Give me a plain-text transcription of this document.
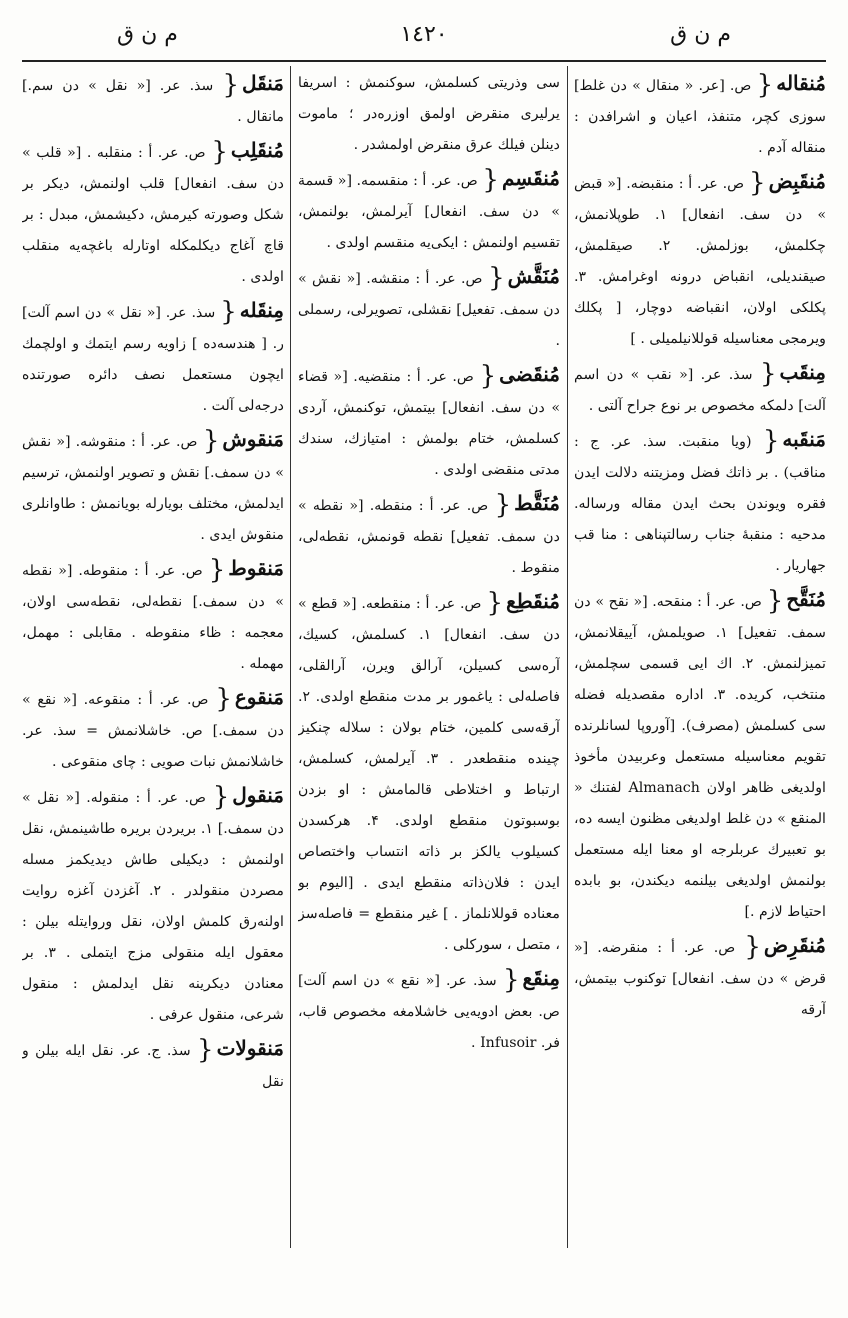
م ن ق	١٤٢٠	م ن ق

مُنقاله{ ص. [عر. « منقال » دن غلط] سوزی کچر، متنفذ، اعیان و اشرافدن : منقاله آدم .

مُنقَبِض{ ص. عر. أ : منقبضه. [« قبض » دن سف. انفعال] ۱. طوپلانمش، چکلمش، بوزلمش. ۲. صیقلمش، صیقندیلی، انقباض درونه اوغرامش. ۳. پکلکی اولان، انقباضه دوچار، [ پکلك ویرمجی معناسیله قوللانیلمیلی . ]

مِنقَب{ سذ. عر. [« نقب » دن اسم آلت] دلمکه مخصوص بر نوع جراح آلتی .

مَنقَبه{ (ویا منقبت. سذ. عر. ج : مناقب) . بر ذاتك فضل ومزیتنه دلالت ایدن فقره ویوندن بحث ایدن مقاله ورساله. مدحیه : منقبهٔ جناب رسالتپناهی : منا قب جهاریار .

مُنَقَّح{ ص. عر. أ : منقحه. [« نقح » دن سمف. تفعیل] ۱. صویلمش، آییقلانمش، تمیزلنمش. ۲. اك ایی قسمی سچلمش، منتخب، کریده. ۳. اداره مقصدیله فضله سی کسلمش (مصرف). [آوروپا لسانلرنده تقویم معناسیله مستعمل وعربیدن مأخوذ اولدیغی ظاهر اولان Almanach لفتنك « المنقع » دن غلط اولدیغی مظنون ایسه ده، بو تعبیرك عربلرجه او معنا ایله مستعمل بولنمش اولدیغی بیلنمه دیکندن، بو بابده احتیاط لازم .]

مُنقَرِض{ ص. عر. أ : منقرضه. [« قرض » دن سف. انفعال] توکنوب بیتمش، آرقه

سی وذریتی کسلمش، سوکنمش : اسریفا یرلیری منقرض اولمق اوزره‌در ؛ ماموت دینلن فیلك عرق منقرض اولمشدر .

مُنقَسِم{ ص. عر. أ : منقسمه. [« قسمة » دن سف. انفعال] آیرلمش، بولنمش، تقسیم اولنمش : ایکی‌یه منقسم اولدی .

مُنَقَّش{ ص. عر. أ : منقشه. [« نقش » دن سمف. تفعیل] نقشلی، تصویرلی، رسملی .

مُنقَضی{ ص. عر. أ : منقضیه. [« قضاء » دن سف. انفعال] بیتمش، توکنمش، آردی کسلمش، ختام بولمش : امتیازك، سندك مدتی منقضی اولدی .

مُنَقَّط{ ص. عر. أ : منقطه. [« نقطه » دن سمف. تفعیل] نقطه قونمش، نقطه‌لی، منقوط .

مُنقَطِع{ ص. عر. أ : منقطعه. [« قطع » دن سف. انفعال] ۱. کسلمش، کسیك، آره‌سی کسیلن، آرالق ویرن، آرالقلی، فاصله‌لی : یاغمور بر مدت منقطع اولدی. ۲. آرقه‌سی کلمین، ختام بولان : سلاله چنکیز چینده منقطعدر . ۳. آیرلمش، کسلمش، ارتباط و اختلاطی قالمامش : او بزدن بوسبوتون منقطع اولدی. ۴. هرکسدن کسیلوب یالکز بر ذاته انتساب واختصاص ایدن : فلان‌ذاته منقطع ایدی . [الیوم بو معناده قوللانلماز . ] غیر منقطع = فاصله‌سز ، متصل ، سورکلی .

مِنقَع{ سذ. عر. [« نقع » دن اسم آلت] ص. بعض ادویه‌یی خاشلامغه مخصوص قاب، فر. Infusoir .

مَنقَل{ سذ. عر. [« نقل » دن سم.] مانقال .

مُنقَلِب{ ص. عر. أ : منقلبه . [« قلب » دن سف. انفعال] قلب اولنمش، دیکر بر شکل وصورته کیرمش، دکیشمش، مبدل : بر قاچ آغاج دیکلمکله اوتارله باغچه‌یه منقلب اولدی .

مِنقَله{ سذ. عر. [« نقل » دن اسم آلت] ر. [ هندسه‌ده ] زاویه رسم ایتمك و اولچمك ایچون مستعمل نصف دائره صورتنده درجه‌لی آلت .

مَنقوش{ ص. عر. أ : منقوشه. [« نقش » دن سمف.] نقش و تصویر اولنمش، ترسیم ایدلمش، مختلف بویارله بویانمش : طاوانلری منقوش ایدی .

مَنقوط{ ص. عر. أ : منقوطه. [« نقطه » دن سمف.] نقطه‌لی، نقطه‌سی اولان، معجمه : ظاء منقوطه . مقابلی : مهمل، مهمله .

مَنقوع{ ص. عر. أ : منقوعه. [« نقع » دن سمف.] ص. خاشلانمش = سذ. عر. خاشلانمش نبات صویی : چای منقوعی .

مَنقول{ ص. عر. أ : منقوله. [« نقل » دن سمف.] ۱. بریردن بریره طاشینمش، نقل اولنمش : دیکیلی طاش دیدیکمز مسله مصردن منقولدر . ۲. آغزدن آغزه روایت اولنه‌رق کلمش اولان، نقل وروایتله بیلن : معقول ایله منقولی مزج ایتملی . ۳. بر معنادن دیکرینه نقل ایدلمش : منقول شرعی، منقول عرفی .

مَنقولات{ سذ. ج. عر. نقل ایله بیلن و نقل
